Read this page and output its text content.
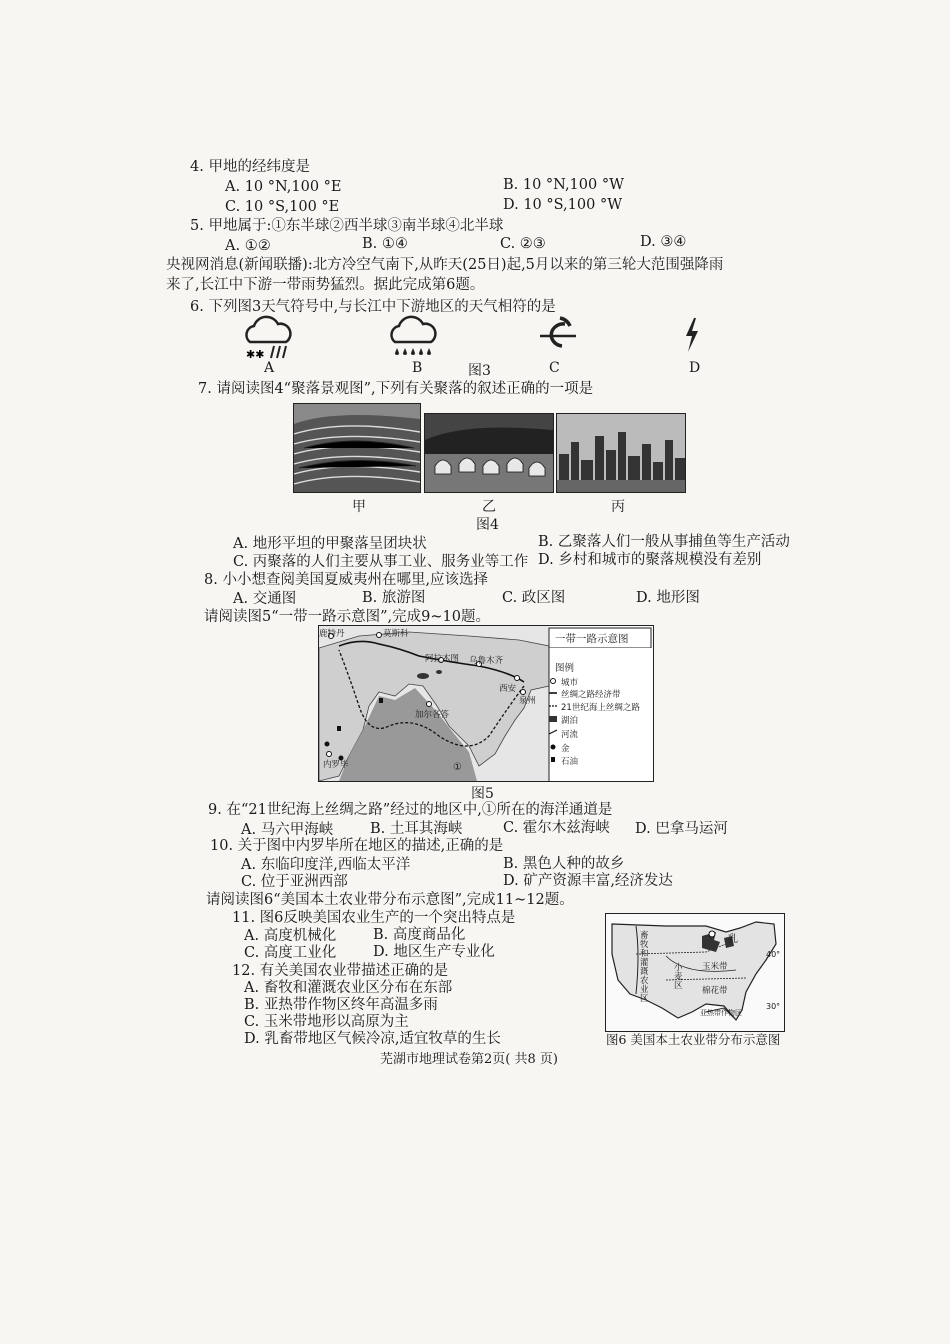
4. 甲地的经纬度是
A. 10 °N,100 °E	B. 10 °N,100 °W
C. 10 °S,100 °E	D. 10 °S,100 °W
5. 甲地属于:①东半球②西半球③南半球④北半球
A. ①②	B. ①④	C. ②③	D. ③④
央视网消息(新闻联播):北方冷空气南下,从昨天(25日)起,5月以来的第三轮大范围强降雨
来了,长江中下游一带雨势猛烈。据此完成第6题。
6. 下列图3天气符号中,与长江中下游地区的天气相符的是
✱✱
A	B	图3	C	D
7. 请阅读图4“聚落景观图”,下列有关聚落的叙述正确的一项是
甲	乙	丙
图4
A. 地形平坦的甲聚落呈团块状	B. 乙聚落人们一般从事捕鱼等生产活动
C. 丙聚落的人们主要从事工业、服务业等工作 D. 乡村和城市的聚落规模没有差别
8. 小小想查阅美国夏威夷州在哪里,应该选择
A. 交通图	B. 旅游图	C. 政区图	D. 地形图
请阅读图5“一带一路示意图”,完成9~10题。
一带一路示意图
鹿特丹	莫斯科
阿拉木图 乌鲁木齐
西安
泉州
加尔各答
内罗毕	①
图例
城市
丝绸之路经济带
21世纪海上丝绸之路
湖泊
河流
金
石油
图5
9. 在“21世纪海上丝绸之路”经过的地区中,①所在的海洋通道是
A. 马六甲海峡	B. 土耳其海峡	C. 霍尔木兹海峡 D. 巴拿马运河
10. 关于图中内罗毕所在地区的描述,正确的是
A. 东临印度洋,西临太平洋	B. 黑色人种的故乡
C. 位于亚洲西部	D. 矿产资源丰富,经济发达
请阅读图6“美国本土农业带分布示意图”,完成11~12题。
11. 图6反映美国农业生产的一个突出特点是
A. 高度机械化	B. 高度商品化
C. 高度工业化	D. 地区生产专业化
12. 有关美国农业带描述正确的是
A. 畜牧和灌溉农业区分布在东部
B. 亚热带作物区终年高温多雨
C. 玉米带地形以高原为主
D. 乳畜带地区气候冷凉,适宜牧草的生长
畜牧和灌溉农业区
乳
玉米带
小麦区 棉花带
亚热带作物区
40°
30°
图6 美国本土农业带分布示意图
芜湖市地理试卷第2页( 共8 页)
